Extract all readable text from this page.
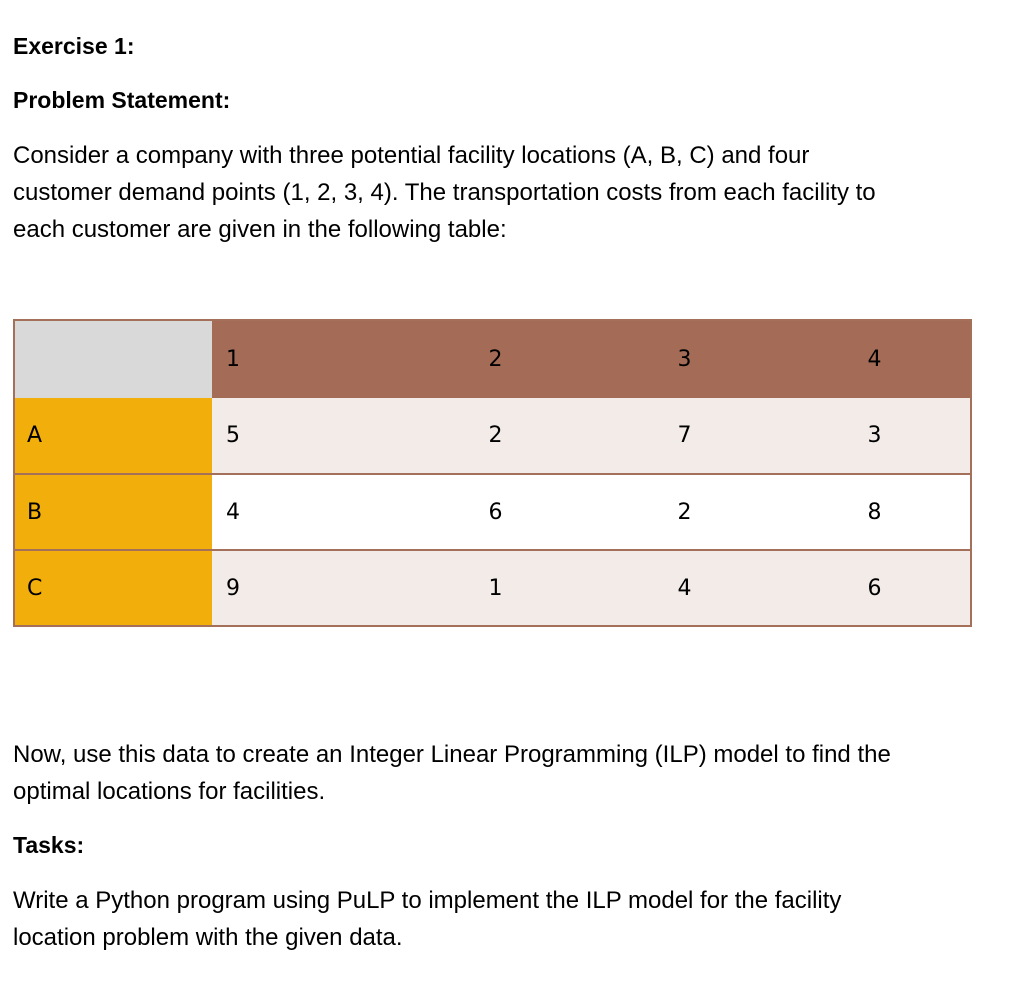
Exercise 1:
Problem Statement:
Consider a company with three potential facility locations (A, B, C) and four
customer demand points (1, 2, 3, 4). The transportation costs from each facility to
each customer are given in the following table:
	1	2	3	4
A	5	2	7	3
B	4	6	2	8
C	9	1	4	6
Now, use this data to create an Integer Linear Programming (ILP) model to find the
optimal locations for facilities.
Tasks:
Write a Python program using PuLP to implement the ILP model for the facility
location problem with the given data.
